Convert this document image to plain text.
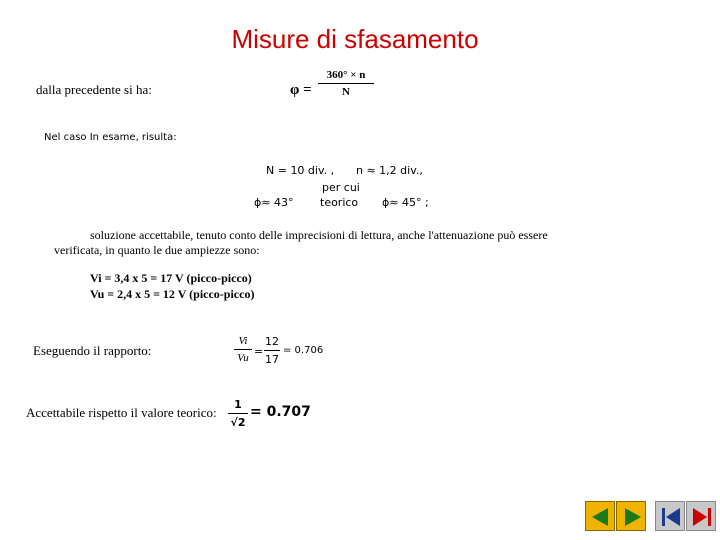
Misure di sfasamento
dalla precedente si ha:	φ =
360° × n
N
Nel caso In esame, risulta:
N = 10 div. , n ≈ 1,2 div.,
per cui
ϕ≈ 43° teorico ϕ≈ 45° ;
soluzione accettabile, tenuto conto delle imprecisioni di lettura, anche l'attenuazione può essere
verificata, in quanto le due ampiezze sono:
Vi = 3,4 x 5 = 17 V (picco-picco)
Vu = 2,4 x 5 = 12 V (picco-picco)
Eseguendo il rapporto:
Vi
Vu =
12
17
= 0.706
Accettabile rispetto il valore teorico:
1
√2
= 0.707
